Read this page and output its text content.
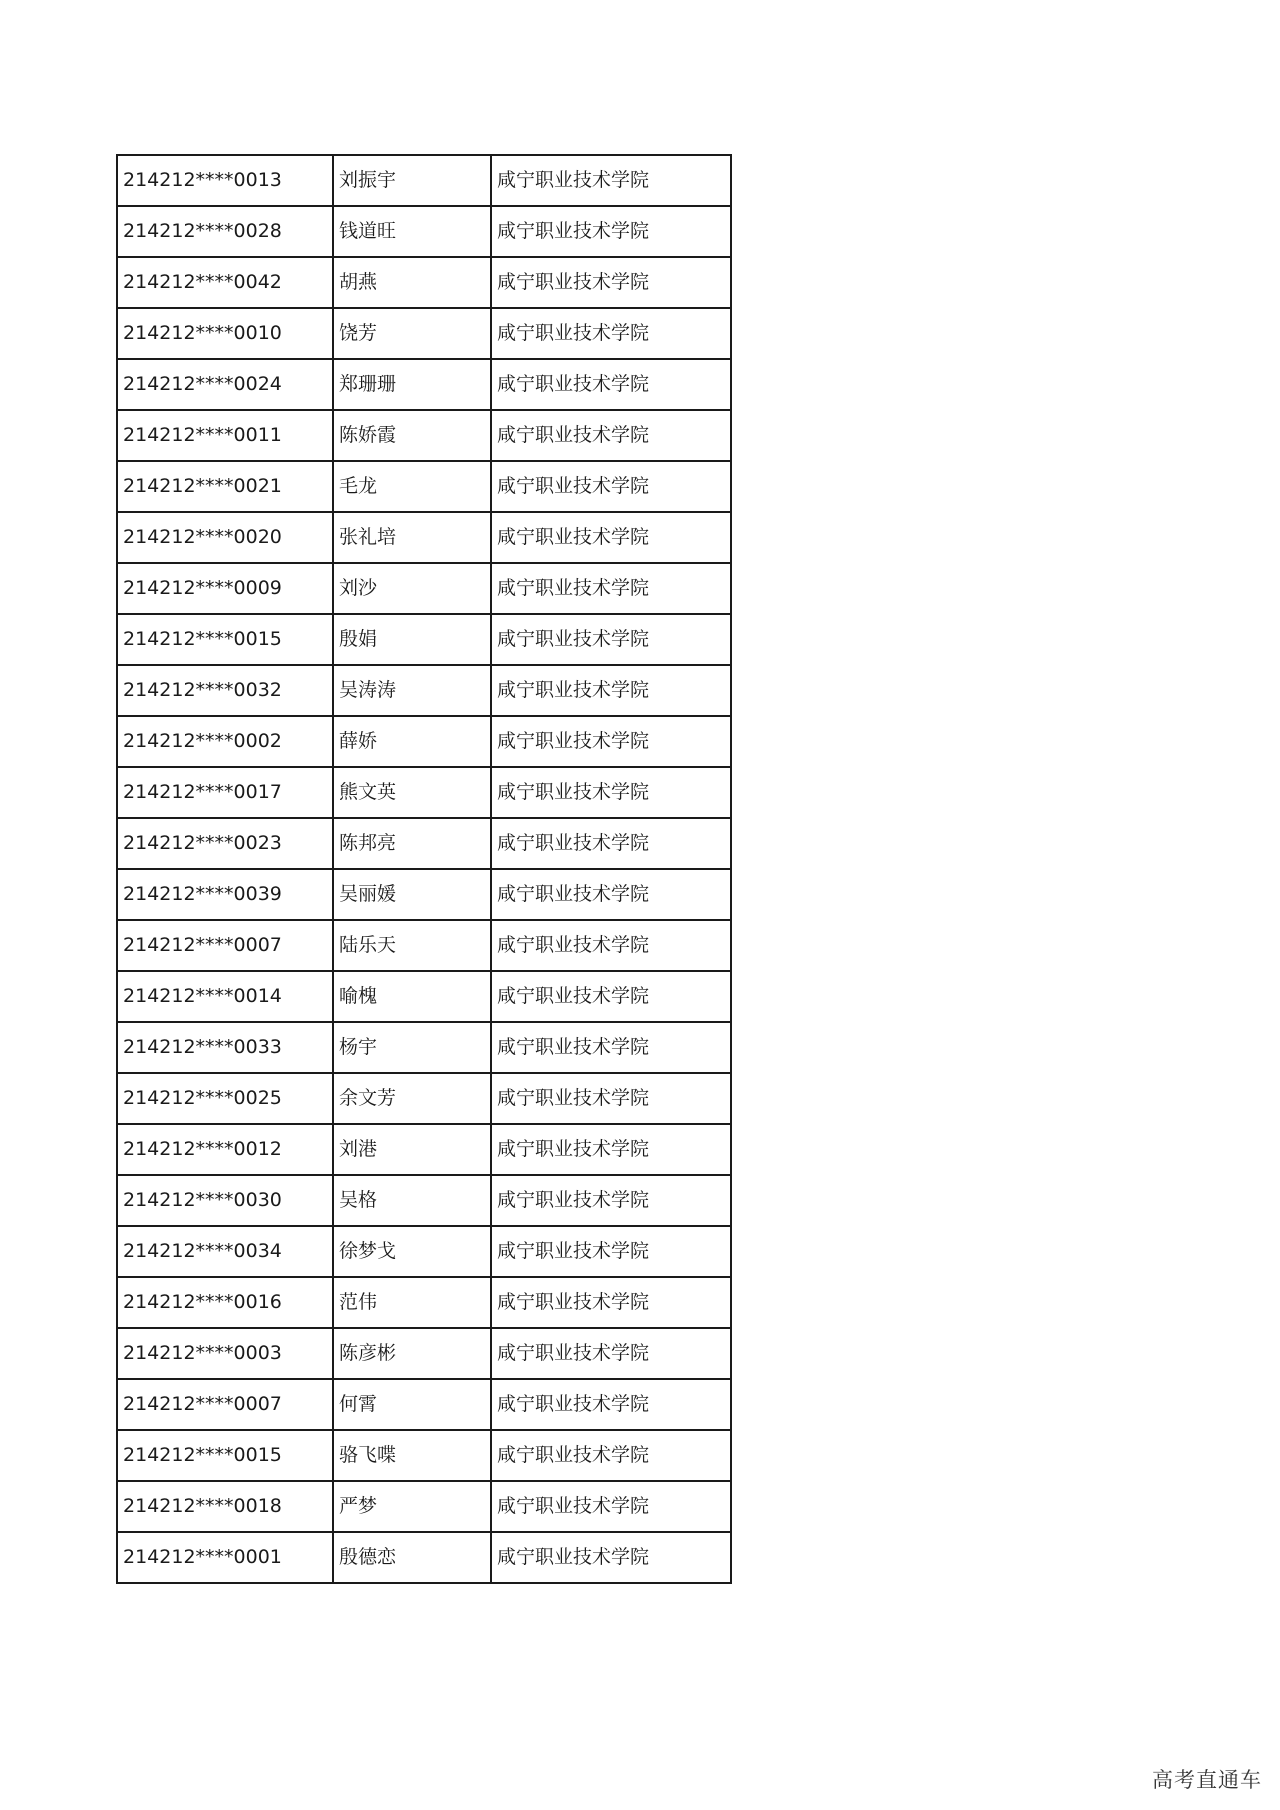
214212****0013	刘振宇	咸宁职业技术学院
214212****0028	钱道旺	咸宁职业技术学院
214212****0042	胡燕	咸宁职业技术学院
214212****0010	饶芳	咸宁职业技术学院
214212****0024	郑珊珊	咸宁职业技术学院
214212****0011	陈娇霞	咸宁职业技术学院
214212****0021	毛龙	咸宁职业技术学院
214212****0020	张礼培	咸宁职业技术学院
214212****0009	刘沙	咸宁职业技术学院
214212****0015	殷娟	咸宁职业技术学院
214212****0032	吴涛涛	咸宁职业技术学院
214212****0002	薛娇	咸宁职业技术学院
214212****0017	熊文英	咸宁职业技术学院
214212****0023	陈邦亮	咸宁职业技术学院
214212****0039	吴丽媛	咸宁职业技术学院
214212****0007	陆乐天	咸宁职业技术学院
214212****0014	喻槐	咸宁职业技术学院
214212****0033	杨宇	咸宁职业技术学院
214212****0025	余文芳	咸宁职业技术学院
214212****0012	刘港	咸宁职业技术学院
214212****0030	吴格	咸宁职业技术学院
214212****0034	徐梦戈	咸宁职业技术学院
214212****0016	范伟	咸宁职业技术学院
214212****0003	陈彦彬	咸宁职业技术学院
214212****0007	何霄	咸宁职业技术学院
214212****0015	骆飞喋	咸宁职业技术学院
214212****0018	严梦	咸宁职业技术学院
214212****0001	殷德恋	咸宁职业技术学院
高考直通车
